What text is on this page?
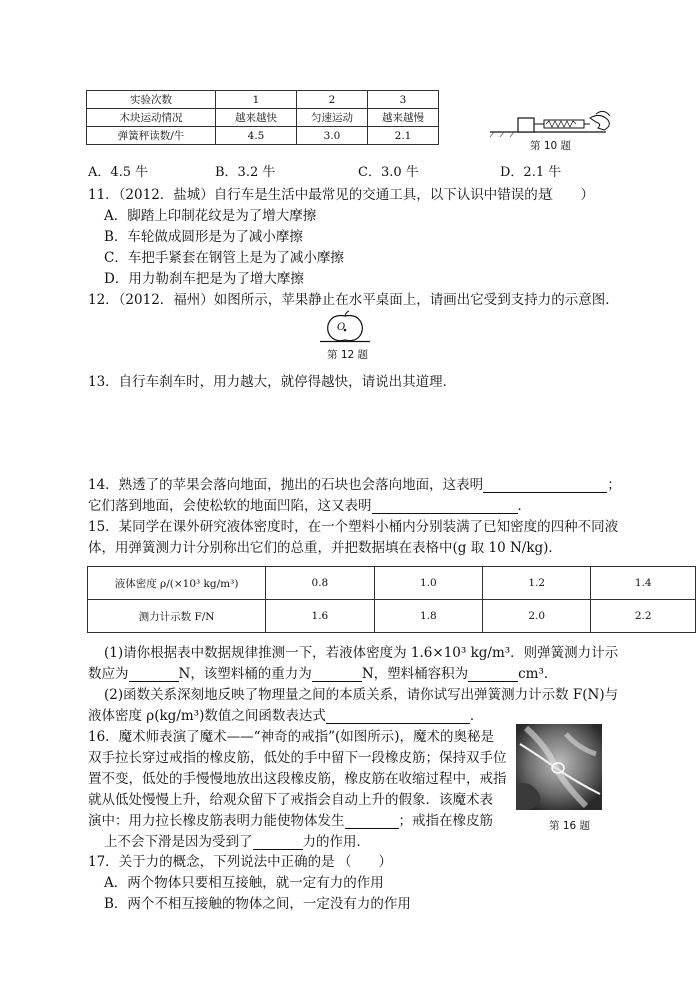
实验次数	1	2	3
木块运动情况	越来越快	匀速运动	越来越慢
弹簧秤读数/牛	4.5	3.0	2.1
第 10 题
A．4.5 牛	B．3.2 牛	C．3.0 牛	D．2.1 牛
11．（2012．盐城）自行车是生活中最常见的交通工具，以下认识中错误的是
（　　）
A．脚踏上印制花纹是为了增大摩擦
B．车轮做成圆形是为了减小摩擦
C．车把手紧套在钢管上是为了减小摩擦
D．用力勒刹车把是为了增大摩擦
12．（2012．福州）如图所示，苹果静止在水平桌面上，请画出它受到支持力的示意图．
O
第 12 题
13．自行车刹车时，用力越大，就停得越快，请说出其道理．
14．熟透了的苹果会落向地面，抛出的石块也会落向地面，这表明	；
它们落到地面，会使松软的地面凹陷，这又表明	．
15．某同学在课外研究液体密度时，在一个塑料小桶内分别装满了已知密度的四种不同液
体，用弹簧测力计分别称出它们的总重，并把数据填在表格中(g 取 10 N/kg)．
液体密度 ρ/(×10³ kg/m³)	0.8	1.0	1.2	1.4
测力计示数 F/N	1.6	1.8	2.0	2.2
(1)请你根据表中数据规律推测一下，若液体密度为 1.6×10³ kg/m³．则弹簧测力计示
数应为	N，该塑料桶的重力为	N，塑料桶容积为	cm³．
(2)函数关系深刻地反映了物理量之间的本质关系，请你试写出弹簧测力计示数 F(N)与
液体密度 ρ(kg/m³)数值之间函数表达式	．
16．魔术师表演了魔术——“神奇的戒指”(如图所示)，魔术的奥秘是
双手拉长穿过戒指的橡皮筋，低处的手中留下一段橡皮筋；保持双手位
置不变，低处的手慢慢地放出这段橡皮筋，橡皮筋在收缩过程中，戒指
就从低处慢慢上升，给观众留下了戒指会自动上升的假象．该魔术表
演中：用力拉长橡皮筋表明力能使物体发生	；戒指在橡皮筋
上不会下滑是因为受到了	力的作用．
第 16 题
17．关于力的概念，下列说法中正确的是 （　　）
A．两个物体只要相互接触，就一定有力的作用
B．两个不相互接触的物体之间，一定没有力的作用
